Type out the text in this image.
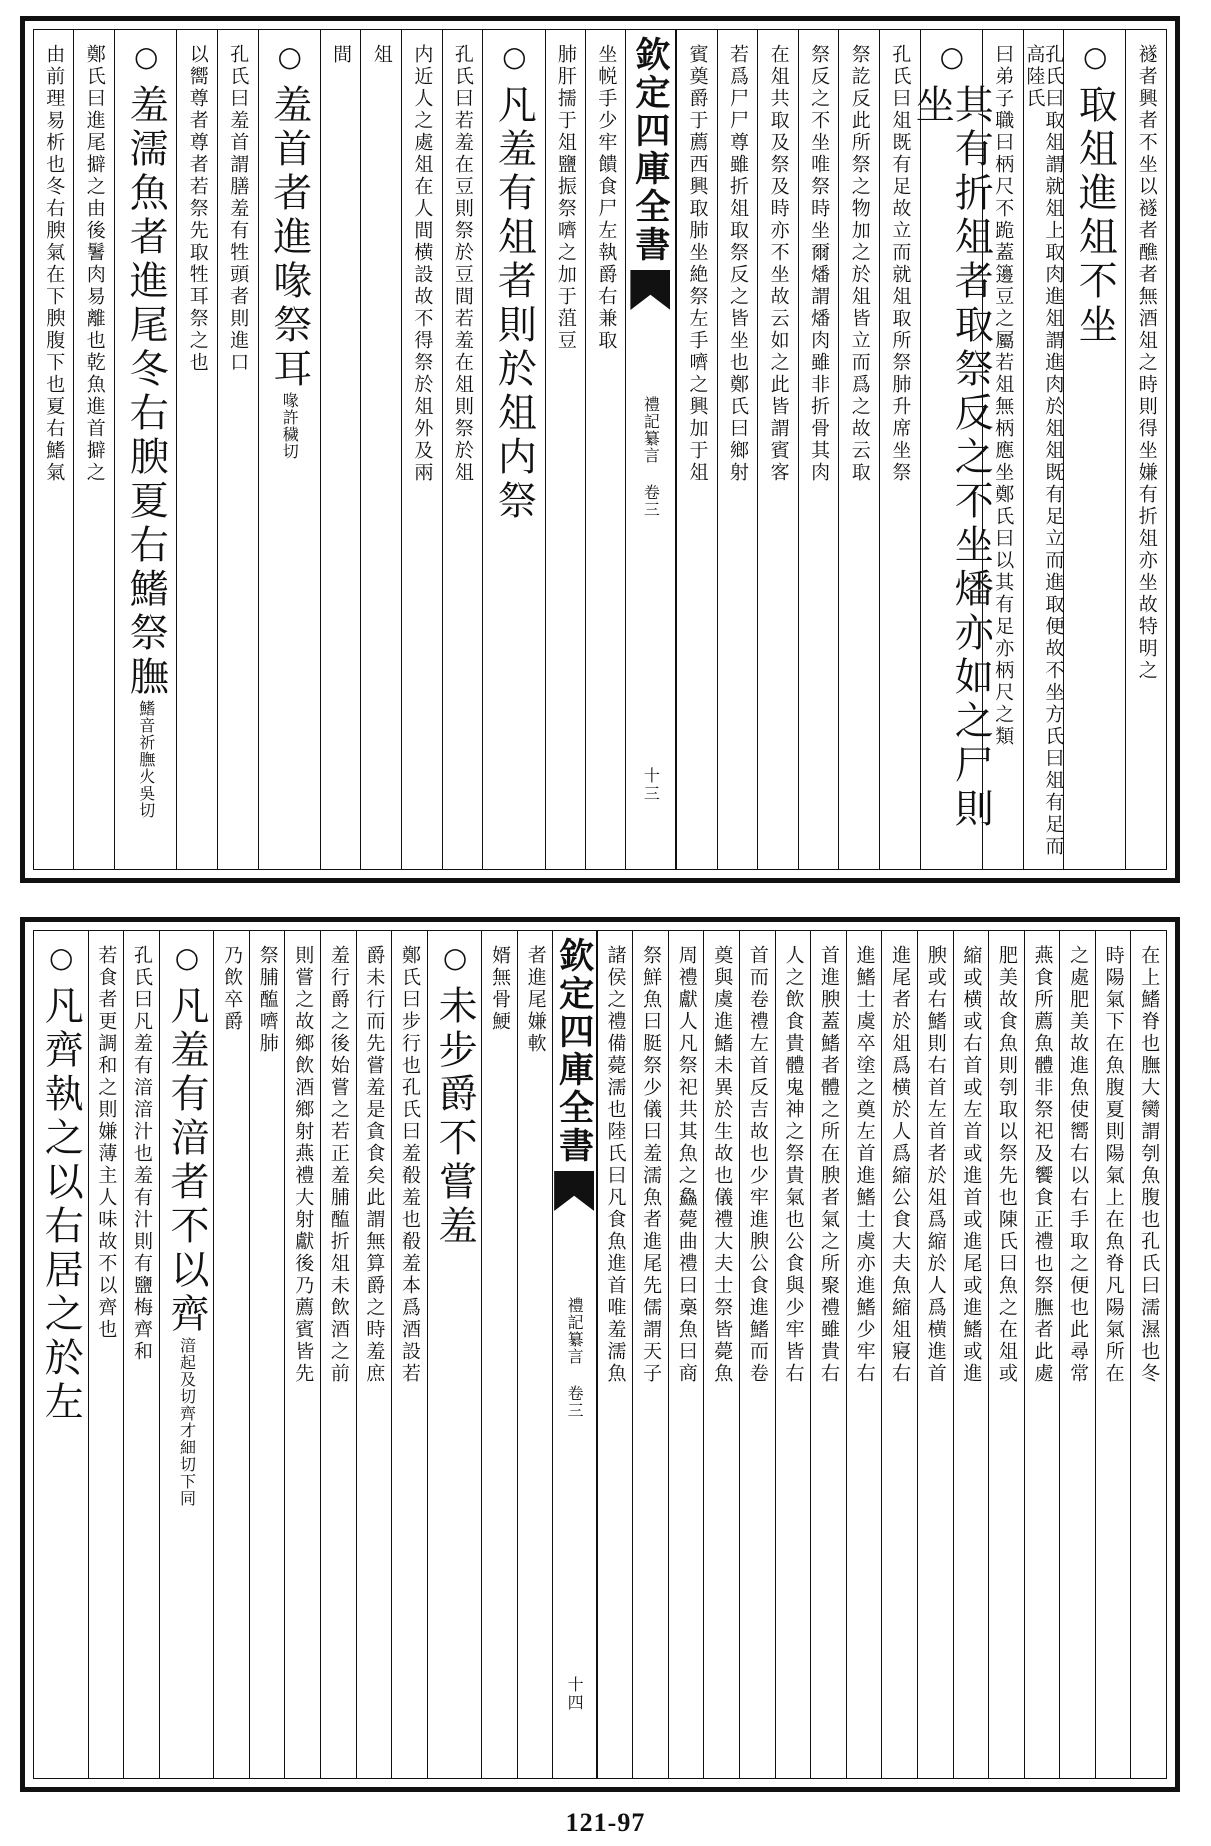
襚者興者不坐以襚者醮者無酒俎之時則得坐嫌有折俎亦坐故特明之
○
取俎進俎不坐
孔氏曰取俎謂就俎上取肉進俎謂進肉於俎俎既有足立而進取便故不坐方氏曰俎有足而高陸氏
曰弟子職曰柄尺不跪蓋籩豆之屬若俎無柄應坐鄭氏曰以其有足亦柄尺之類
○
其有折俎者取祭反之不坐燔亦如之尸則坐
孔氏曰俎既有足故立而就俎取所祭肺升席坐祭
祭訖反此所祭之物加之於俎皆立而爲之故云取
祭反之不坐唯祭時坐爾燔謂燔肉雖非折骨其肉
在俎共取及祭及時亦不坐故云如之此皆謂賓客
若爲尸尸尊雖折俎取祭反之皆坐也鄭氏曰鄉射
賓奠爵于薦西興取肺坐絶祭左手嚌之興加于俎
欽定四庫全書
禮記纂言 卷三
十三
坐帨手少牢饋食尸左執爵右兼取
肺肝擩于俎鹽振祭嚌之加于菹豆
○
凡羞有俎者則於俎内祭
孔氏曰若羞在豆則祭於豆間若羞在俎則祭於俎
内近人之處俎在人間横設故不得祭於俎外及兩
俎
間
○
羞首者進喙祭耳
喙許穢切
孔氏曰羞首謂膳羞有牲頭者則進口
以嚮尊者尊者若祭先取牲耳祭之也
○
羞濡魚者進尾冬右腴夏右鰭祭膴
鰭音祈膴火吳切
鄭氏曰進尾擗之由後鬐肉易離也乾魚進首擗之
由前理易析也冬右腴氣在下腴腹下也夏右鰭氣
在上鰭脊也膴大臠謂刳魚腹也孔氏曰濡濕也冬
時陽氣下在魚腹夏則陽氣上在魚脊凡陽氣所在
之處肥美故進魚使嚮右以右手取之便也此尋常
燕食所薦魚體非祭祀及饗食正禮也祭膴者此處
肥美故食魚則刳取以祭先也陳氏曰魚之在俎或
縮或横或右首或左首或進首或進尾或進鰭或進
腴或右鰭則右首左首者於俎爲縮於人爲横進首
進尾者於俎爲横於人爲縮公食大夫魚縮俎寢右
進鰭士虞卒塗之奠左首進鰭士虞亦進鰭少牢右
首進腴蓋鰭者體之所在腴者氣之所聚禮雖貴右
人之飲食貴體鬼神之祭貴氣也公食與少牢皆右
首而卷禮左首反吉故也少牢進腴公食進鰭而卷
奠與虞進鰭未異於生故也儀禮大夫士祭皆薨魚
周禮獻人凡祭祀共其魚之鱻薨曲禮曰槀魚曰商
祭鮮魚曰脡祭少儀曰羞濡魚者進尾先儒謂天子
諸侯之禮備薨濡也陸氏曰凡食魚進首唯羞濡魚
欽定四庫全書
禮記纂言 卷三
十四
者進尾嫌軟
婿無骨鯁
○
未步爵不嘗羞
鄭氏曰步行也孔氏曰羞殽羞也殽羞本爲酒設若
爵未行而先嘗羞是貪食矣此謂無算爵之時羞庶
羞行爵之後始嘗之若正羞脯醢折俎未飲酒之前
則嘗之故鄉飲酒鄉射燕禮大射獻後乃薦賓皆先
祭脯醢嚌肺
乃飲卒爵
○
凡羞有湆者不以齊
湆起及切齊才細切下同
孔氏曰凡羞有湆湆汁也羞有汁則有鹽梅齊和
若食者更調和之則嫌薄主人味故不以齊也
○
凡齊執之以右居之於左
121-97
